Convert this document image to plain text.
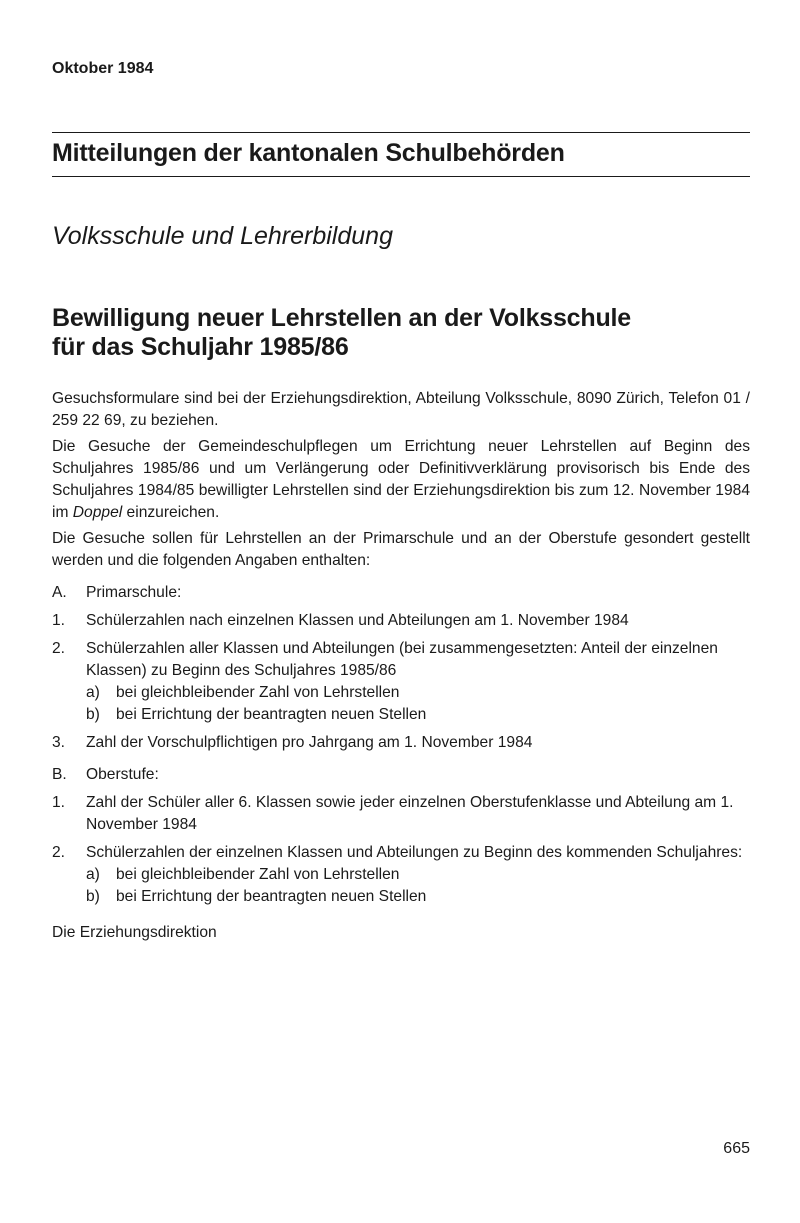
Oktober 1984
Mitteilungen der kantonalen Schulbehörden
Volksschule und Lehrerbildung
Bewilligung neuer Lehrstellen an der Volksschule
für das Schuljahr 1985/86

Gesuchsformulare sind bei der Erziehungsdirektion, Abteilung Volksschule, 8090 Zürich, Telefon 01 / 259 22 69, zu beziehen.

Die Gesuche der Gemeindeschulpflegen um Errichtung neuer Lehrstellen auf Beginn des Schuljahres 1985/86 und um Verlängerung oder Definitivverklärung provisorisch bis Ende des Schuljahres 1984/85 bewilligter Lehrstellen sind der Erziehungsdirektion bis zum 12. November 1984 im Doppel einzureichen.

Die Gesuche sollen für Lehrstellen an der Primarschule und an der Oberstufe gesondert gestellt werden und die folgenden Angaben enthalten:

A.	Primarschule:
1.	Schülerzahlen nach einzelnen Klassen und Abteilungen am 1. November 1984
2.	Schülerzahlen aller Klassen und Abteilungen (bei zusammengesetzten: Anteil der einzelnen Klassen) zu Beginn des Schuljahres 1985/86
a)	bei gleichbleibender Zahl von Lehrstellen
b)	bei Errichtung der beantragten neuen Stellen
3.	Zahl der Vorschulpflichtigen pro Jahrgang am 1. November 1984
B.	Oberstufe:
1.	Zahl der Schüler aller 6. Klassen sowie jeder einzelnen Oberstufenklasse und Abteilung am 1. November 1984
2.	Schülerzahlen der einzelnen Klassen und Abteilungen zu Beginn des kommenden Schuljahres:
a)	bei gleichbleibender Zahl von Lehrstellen
b)	bei Errichtung der beantragten neuen Stellen
Die Erziehungsdirektion
665
